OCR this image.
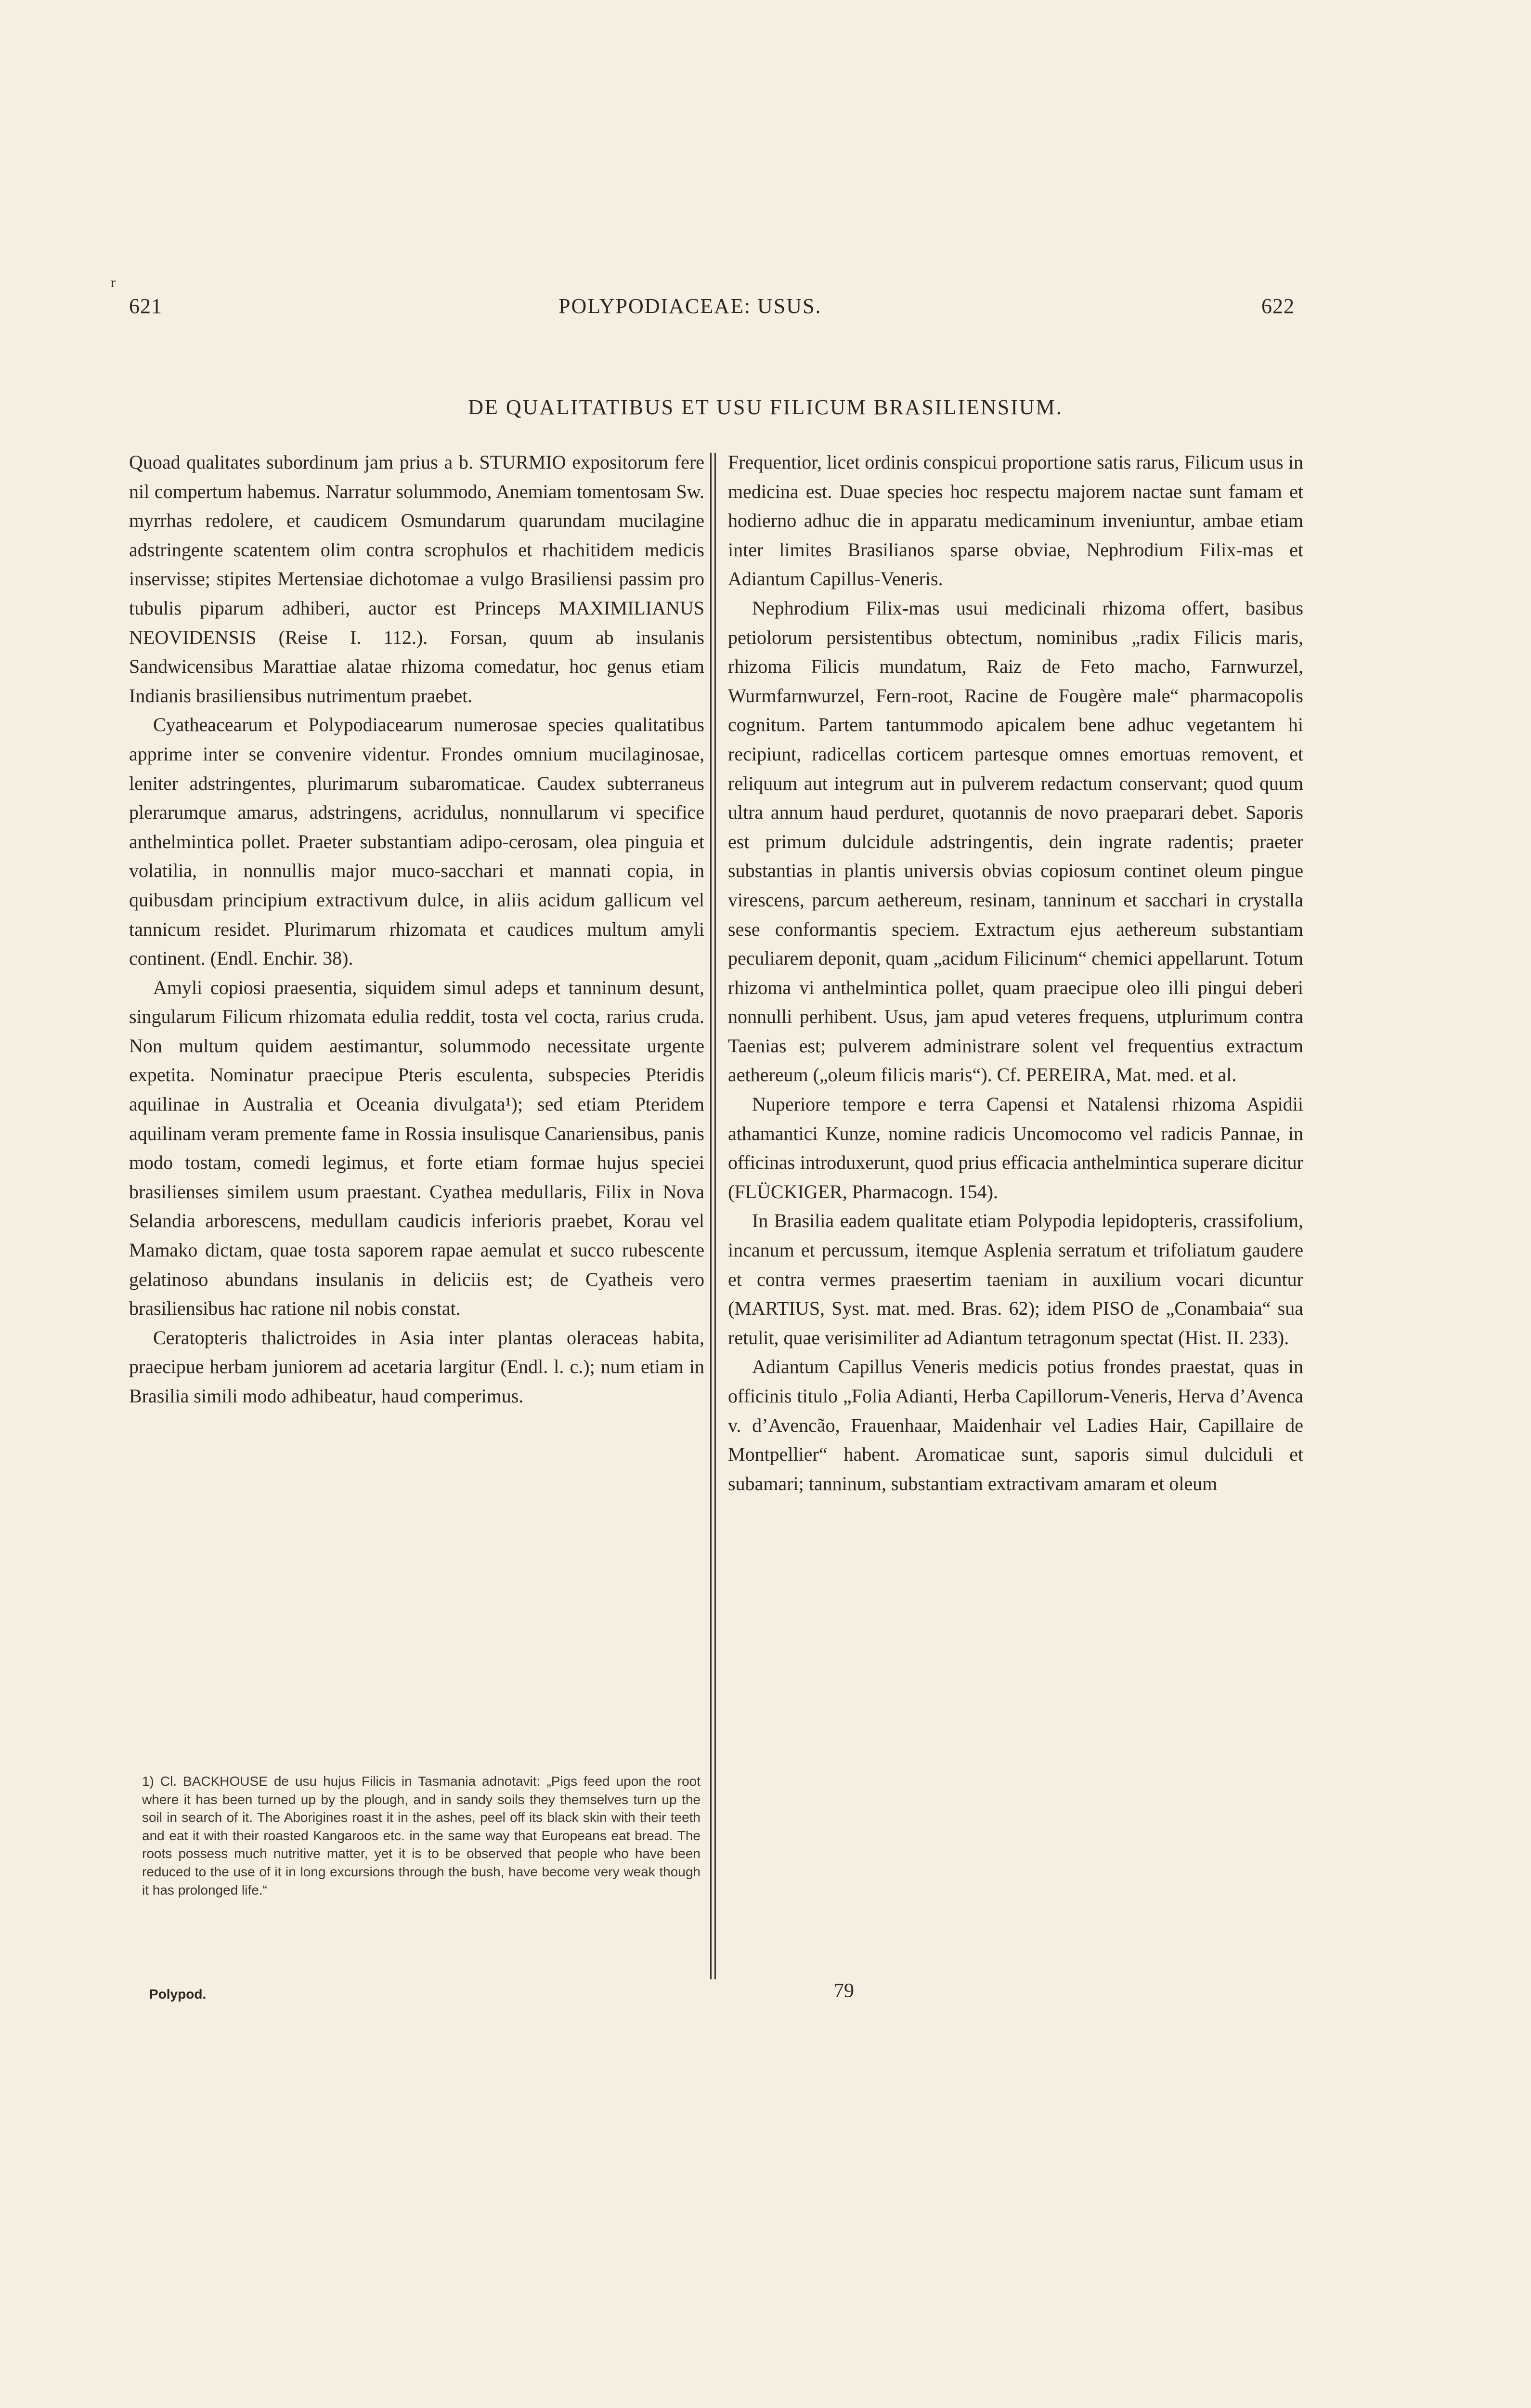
r
621	POLYPODIACEAE: USUS.	622
DE QUALITATIBUS ET USU FILICUM BRASILIENSIUM.

Quoad qualitates subordinum jam prius a b. STURMIO expositorum fere nil compertum habemus. Narratur solummodo, Anemiam tomentosam Sw. myrrhas redolere, et caudicem Osmundarum quarundam mucilagine adstringente scatentem olim contra scrophulos et rhachitidem medicis inservisse; stipites Mertensiae dichotomae a vulgo Brasiliensi passim pro tubulis piparum adhiberi, auctor est Princeps MAXIMILIANUS NEOVIDENSIS (Reise I. 112.). Forsan, quum ab insulanis Sandwicensibus Marattiae alatae rhizoma comedatur, hoc genus etiam Indianis brasiliensibus nutrimentum praebet.

Cyatheacearum et Polypodiacearum numerosae species qualitatibus apprime inter se convenire videntur. Frondes omnium mucilaginosae, leniter adstringentes, plurimarum subaromaticae. Caudex subterraneus plerarumque amarus, adstringens, acridulus, nonnullarum vi specifice anthelmintica pollet. Praeter substantiam adipo-cerosam, olea pinguia et volatilia, in nonnullis major muco-sacchari et mannati copia, in quibusdam principium extractivum dulce, in aliis acidum gallicum vel tannicum residet. Plurimarum rhizomata et caudices multum amyli continent. (Endl. Enchir. 38).

Amyli copiosi praesentia, siquidem simul adeps et tanninum desunt, singularum Filicum rhizomata edulia reddit, tosta vel cocta, rarius cruda. Non multum quidem aestimantur, solummodo necessitate urgente expetita. Nominatur praecipue Pteris esculenta, subspecies Pteridis aquilinae in Australia et Oceania divulgata¹); sed etiam Pteridem aquilinam veram premente fame in Rossia insulisque Canariensibus, panis modo tostam, comedi legimus, et forte etiam formae hujus speciei brasilienses similem usum praestant. Cyathea medullaris, Filix in Nova Selandia arborescens, medullam caudicis inferioris praebet, Korau vel Mamako dictam, quae tosta saporem rapae aemulat et succo rubescente gelatinoso abundans insulanis in deliciis est; de Cyatheis vero brasiliensibus hac ratione nil nobis constat.

Ceratopteris thalictroides in Asia inter plantas oleraceas habita, praecipue herbam juniorem ad acetaria largitur (Endl. l. c.); num etiam in Brasilia simili modo adhibeatur, haud comperimus.

Frequentior, licet ordinis conspicui proportione satis rarus, Filicum usus in medicina est. Duae species hoc respectu majorem nactae sunt famam et hodierno adhuc die in apparatu medicaminum inveniuntur, ambae etiam inter limites Brasilianos sparse obviae, Nephrodium Filix-mas et Adiantum Capillus-Veneris.

Nephrodium Filix-mas usui medicinali rhizoma offert, basibus petiolorum persistentibus obtectum, nominibus „radix Filicis maris, rhizoma Filicis mundatum, Raiz de Feto macho, Farnwurzel, Wurmfarnwurzel, Fern-root, Racine de Fougère male“ pharmacopolis cognitum. Partem tantummodo apicalem bene adhuc vegetantem hi recipiunt, radicellas corticem partesque omnes emortuas removent, et reliquum aut integrum aut in pulverem redactum conservant; quod quum ultra annum haud perduret, quotannis de novo praeparari debet. Saporis est primum dulcidule adstringentis, dein ingrate radentis; praeter substantias in plantis universis obvias copiosum continet oleum pingue virescens, parcum aethereum, resinam, tanninum et sacchari in crystalla sese conformantis speciem. Extractum ejus aethereum substantiam peculiarem deponit, quam „acidum Filicinum“ chemici appellarunt. Totum rhizoma vi anthelmintica pollet, quam praecipue oleo illi pingui deberi nonnulli perhibent. Usus, jam apud veteres frequens, utplurimum contra Taenias est; pulverem administrare solent vel frequentius extractum aethereum („oleum filicis maris“). Cf. PEREIRA, Mat. med. et al.

Nuperiore tempore e terra Capensi et Natalensi rhizoma Aspidii athamantici Kunze, nomine radicis Uncomocomo vel radicis Pannae, in officinas introduxerunt, quod prius efficacia anthelmintica superare dicitur (FLÜCKIGER, Pharmacogn. 154).

In Brasilia eadem qualitate etiam Polypodia lepidopteris, crassifolium, incanum et percussum, itemque Asplenia serratum et trifoliatum gaudere et contra vermes praesertim taeniam in auxilium vocari dicuntur (MARTIUS, Syst. mat. med. Bras. 62); idem PISO de „Conambaia“ sua retulit, quae verisimiliter ad Adiantum tetragonum spectat (Hist. II. 233).

Adiantum Capillus Veneris medicis potius frondes praestat, quas in officinis titulo „Folia Adianti, Herba Capillorum-Veneris, Herva d’Avenca v. d’Avencão, Frauenhaar, Maidenhair vel Ladies Hair, Capillaire de Montpellier“ habent. Aromaticae sunt, saporis simul dulciduli et subamari; tanninum, substantiam extractivam amaram et oleum

1) Cl. BACKHOUSE de usu hujus Filicis in Tasmania adnotavit: „Pigs feed upon the root where it has been turned up by the plough, and in sandy soils they themselves turn up the soil in search of it. The Aborigines roast it in the ashes, peel off its black skin with their teeth and eat it with their roasted Kangaroos etc. in the same way that Europeans eat bread. The roots possess much nutritive matter, yet it is to be observed that people who have been reduced to the use of it in long excursions through the bush, have become very weak though it has prolonged life.“
Polypod.	79
